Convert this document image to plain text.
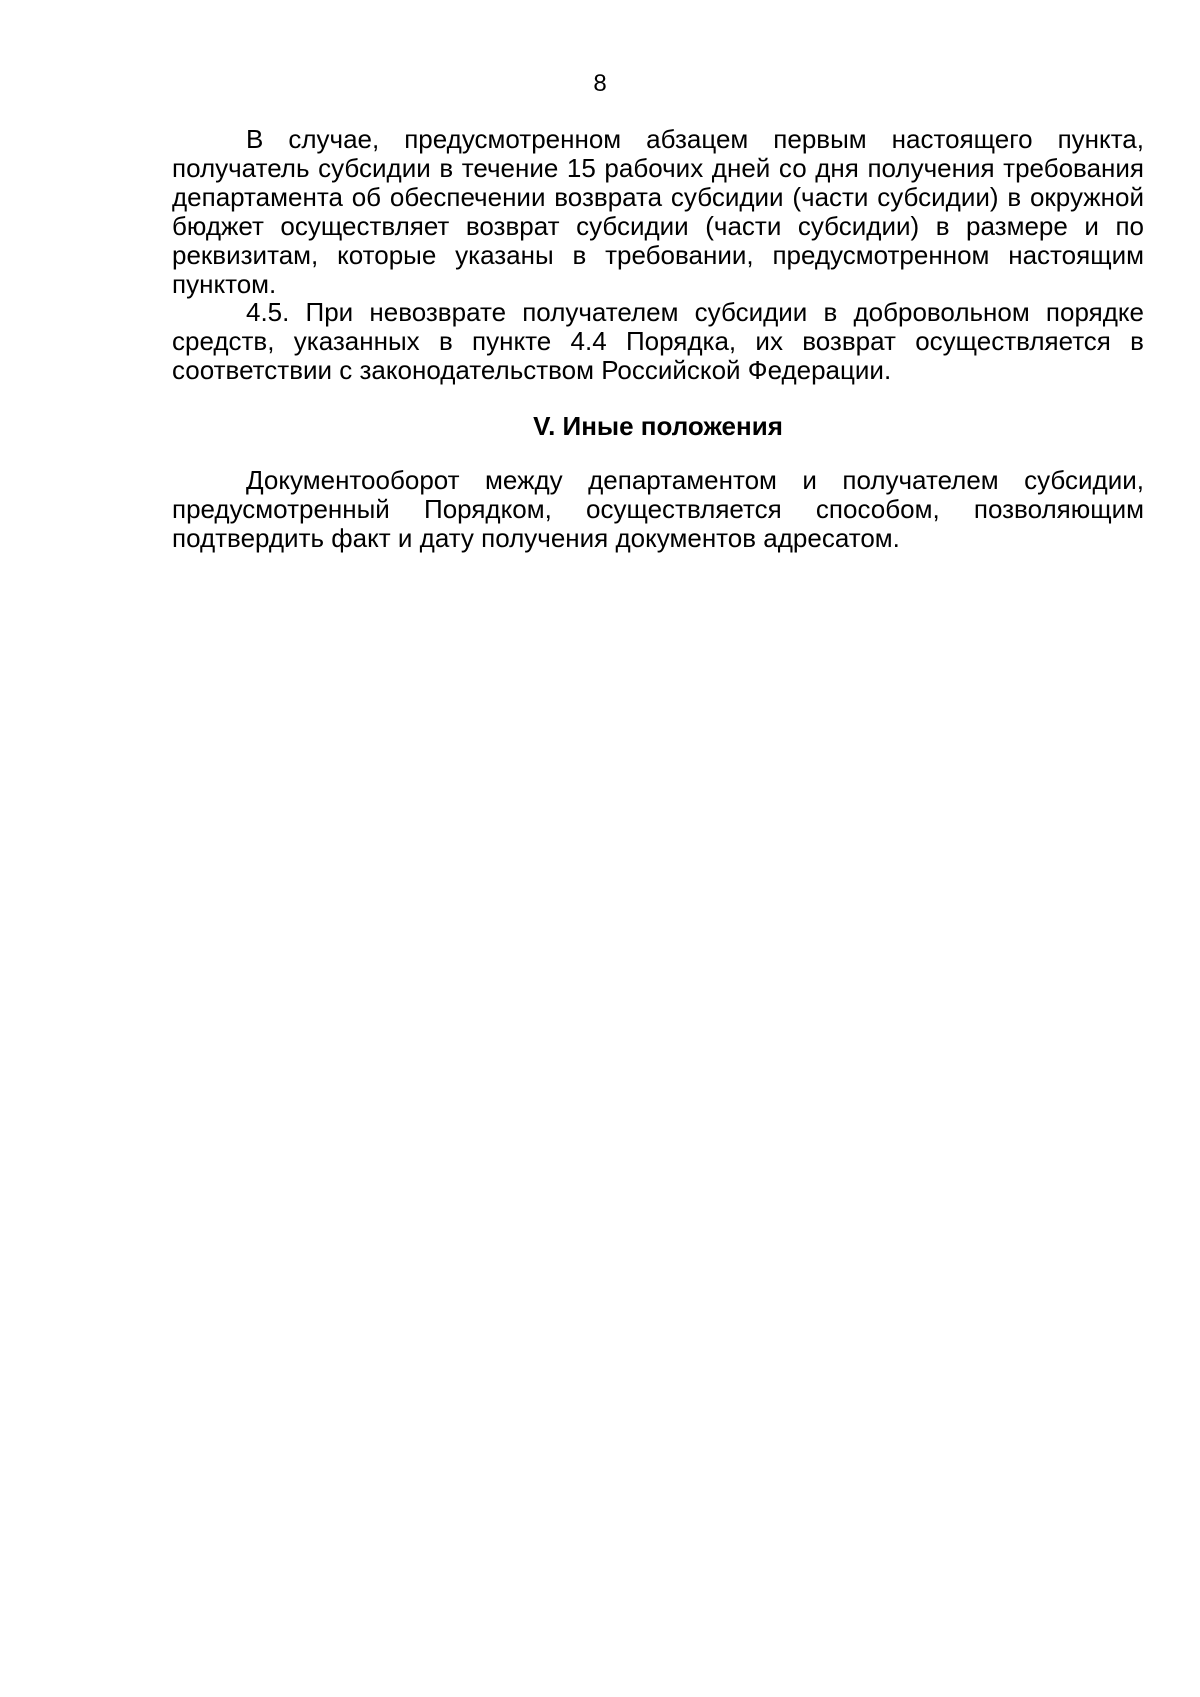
8

В случае, предусмотренном абзацем первым настоящего пункта, получатель субсидии в течение 15 рабочих дней со дня получения требования департамента об обеспечении возврата субсидии (части субсидии) в окружной бюджет осуществляет возврат субсидии (части субсидии) в размере и по реквизитам, которые указаны в требовании, предусмотренном настоящим пунктом.

4.5. При невозврате получателем субсидии в добровольном порядке средств, указанных в пункте 4.4 Порядка, их возврат осуществляется в соответствии с законодательством Российской Федерации.

V. Иные положения

Документооборот между департаментом и получателем субсидии, предусмотренный Порядком, осуществляется способом, позволяющим подтвердить факт и дату получения документов адресатом.
